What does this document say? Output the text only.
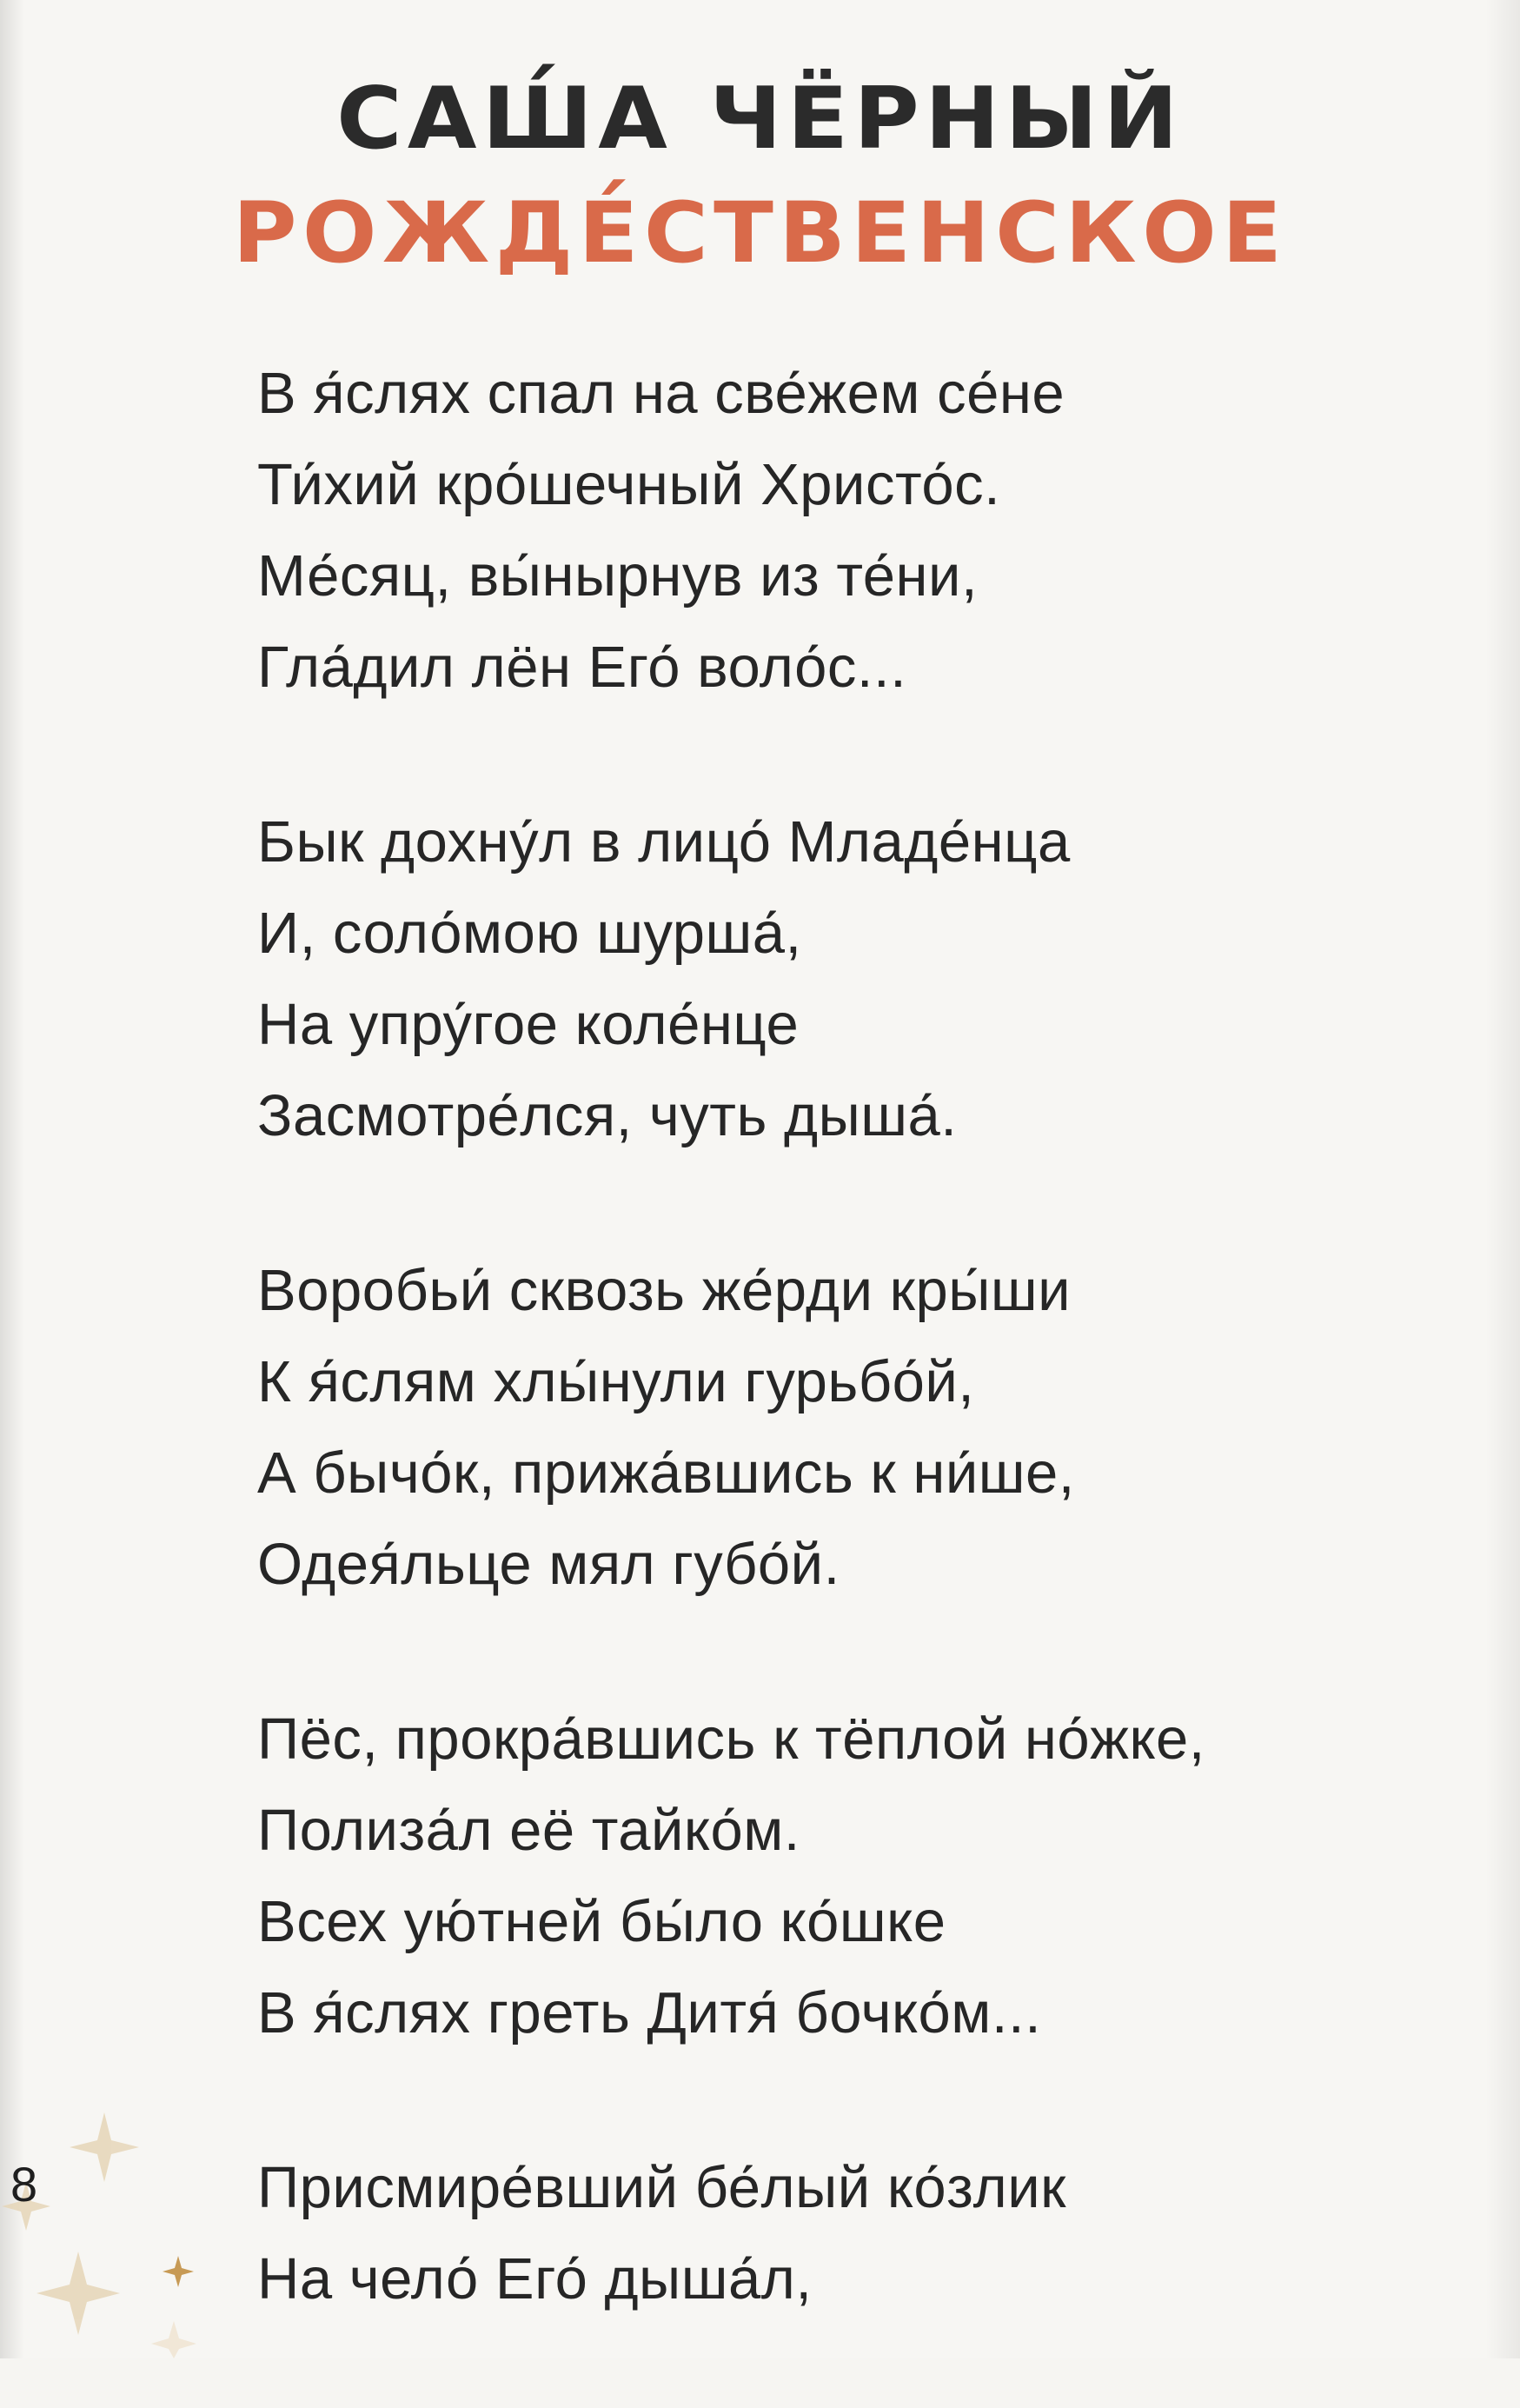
САШ́А ЧЁРНЫЙ
РОЖДЕ́СТВЕНСКОЕ
В я́слях спал на све́жем се́не
Ти́хий кро́шечный Христо́с.
Ме́сяц, вы́нырнув из те́ни,
Гла́дил лён Его́ воло́с...
Бык дохну́л в лицо́ Младе́нца
И, соло́мою шурша́,
На упру́гое коле́нце
Засмотре́лся, чуть дыша́.
Воробьи́ сквозь же́рди кры́ши
К я́слям хлы́нули гурьбо́й,
А бычо́к, прижа́вшись к ни́ше,
Одея́льце мял губо́й.
Пёс, прокра́вшись к тёплой но́жке,
Полиза́л её тайко́м.
Всех ую́тней бы́ло ко́шке
В я́слях греть Дитя́ бочко́м...
Присмире́вший бе́лый ко́злик
На чело́ Его́ дыша́л,
8
